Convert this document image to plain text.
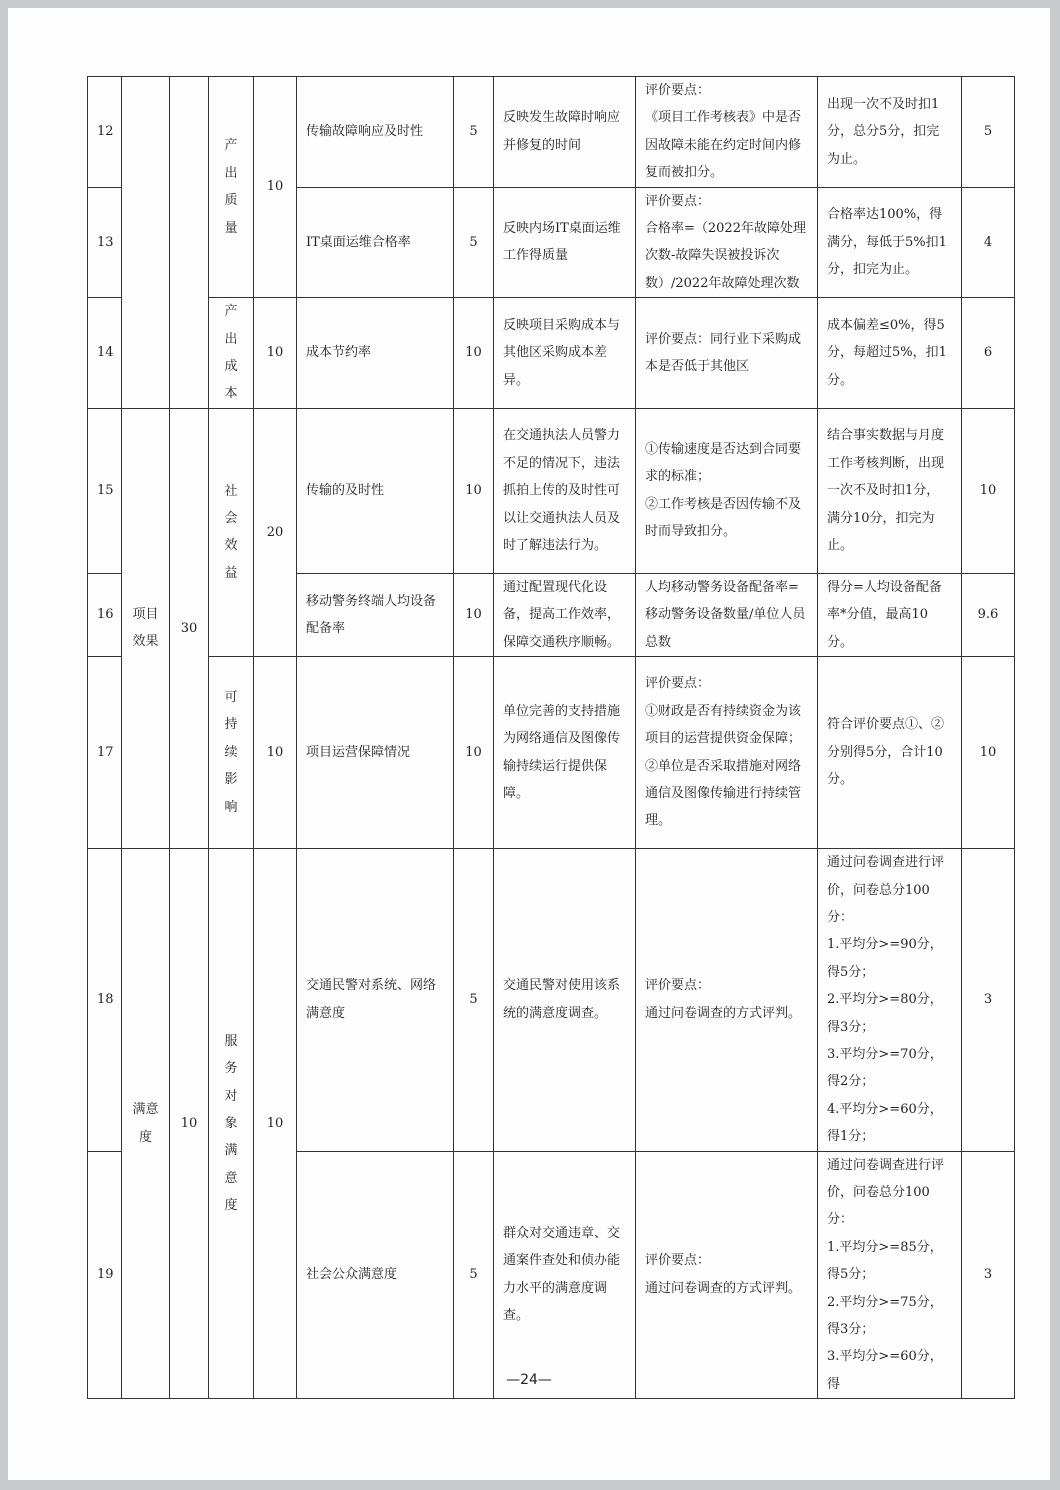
12			产出质量	10	传输故障响应及时性	5	反映发生故障时响应并修复的时间	评价要点：
《项目工作考核表》中是否因故障未能在约定时间内修复而被扣分。	出现一次不及时扣1分，总分5分，扣完为止。	5
13					IT桌面运维合格率	5	反映内场IT桌面运维工作得质量	评价要点：
合格率=（2022年故障处理次数-故障失误被投诉次数）/2022年故障处理次数	合格率达100%，得满分，每低于5%扣1分，扣完为止。	4
14			产出成本	10	成本节约率	10	反映项目采购成本与其他区采购成本差异。	评价要点：同行业下采购成本是否低于其他区	成本偏差≤0%，得5分，每超过5%，扣1分。	6
15	项目效果	30	社会效益	20	传输的及时性	10	在交通执法人员警力不足的情况下，违法抓拍上传的及时性可以让交通执法人员及时了解违法行为。	①传输速度是否达到合同要求的标准；
②工作考核是否因传输不及时而导致扣分。	结合事实数据与月度工作考核判断，出现一次不及时扣1分，满分10分，扣完为止。	10
16					移动警务终端人均设备配备率	10	通过配置现代化设备，提高工作效率，保障交通秩序顺畅。	人均移动警务设备配备率=移动警务设备数量/单位人员总数	得分=人均设备配备率*分值，最高10分。	9.6
17			可持续影响	10	项目运营保障情况	10	单位完善的支持措施为网络通信及图像传输持续运行提供保障。	评价要点：
①财政是否有持续资金为该项目的运营提供资金保障；
②单位是否采取措施对网络通信及图像传输进行持续管理。	符合评价要点①、②分别得5分，合计10分。	10
18	满意度	10	服务对象满意度	10	交通民警对系统、网络满意度	5	交通民警对使用该系统的满意度调查。	评价要点：
通过问卷调查的方式评判。	通过问卷调查进行评价，问卷总分100分：
1.平均分>=90分，得5分；
2.平均分>=80分，得3分；
3.平均分>=70分，得2分；
4.平均分>=60分，得1分；	3
19					社会公众满意度	5	群众对交通违章、交通案件查处和侦办能力水平的满意度调查。	评价要点：
通过问卷调查的方式评判。	通过问卷调查进行评价，问卷总分100分：
1.平均分>=85分，得5分；
2.平均分>=75分，得3分；
3.平均分>=60分，得	3
—24—
